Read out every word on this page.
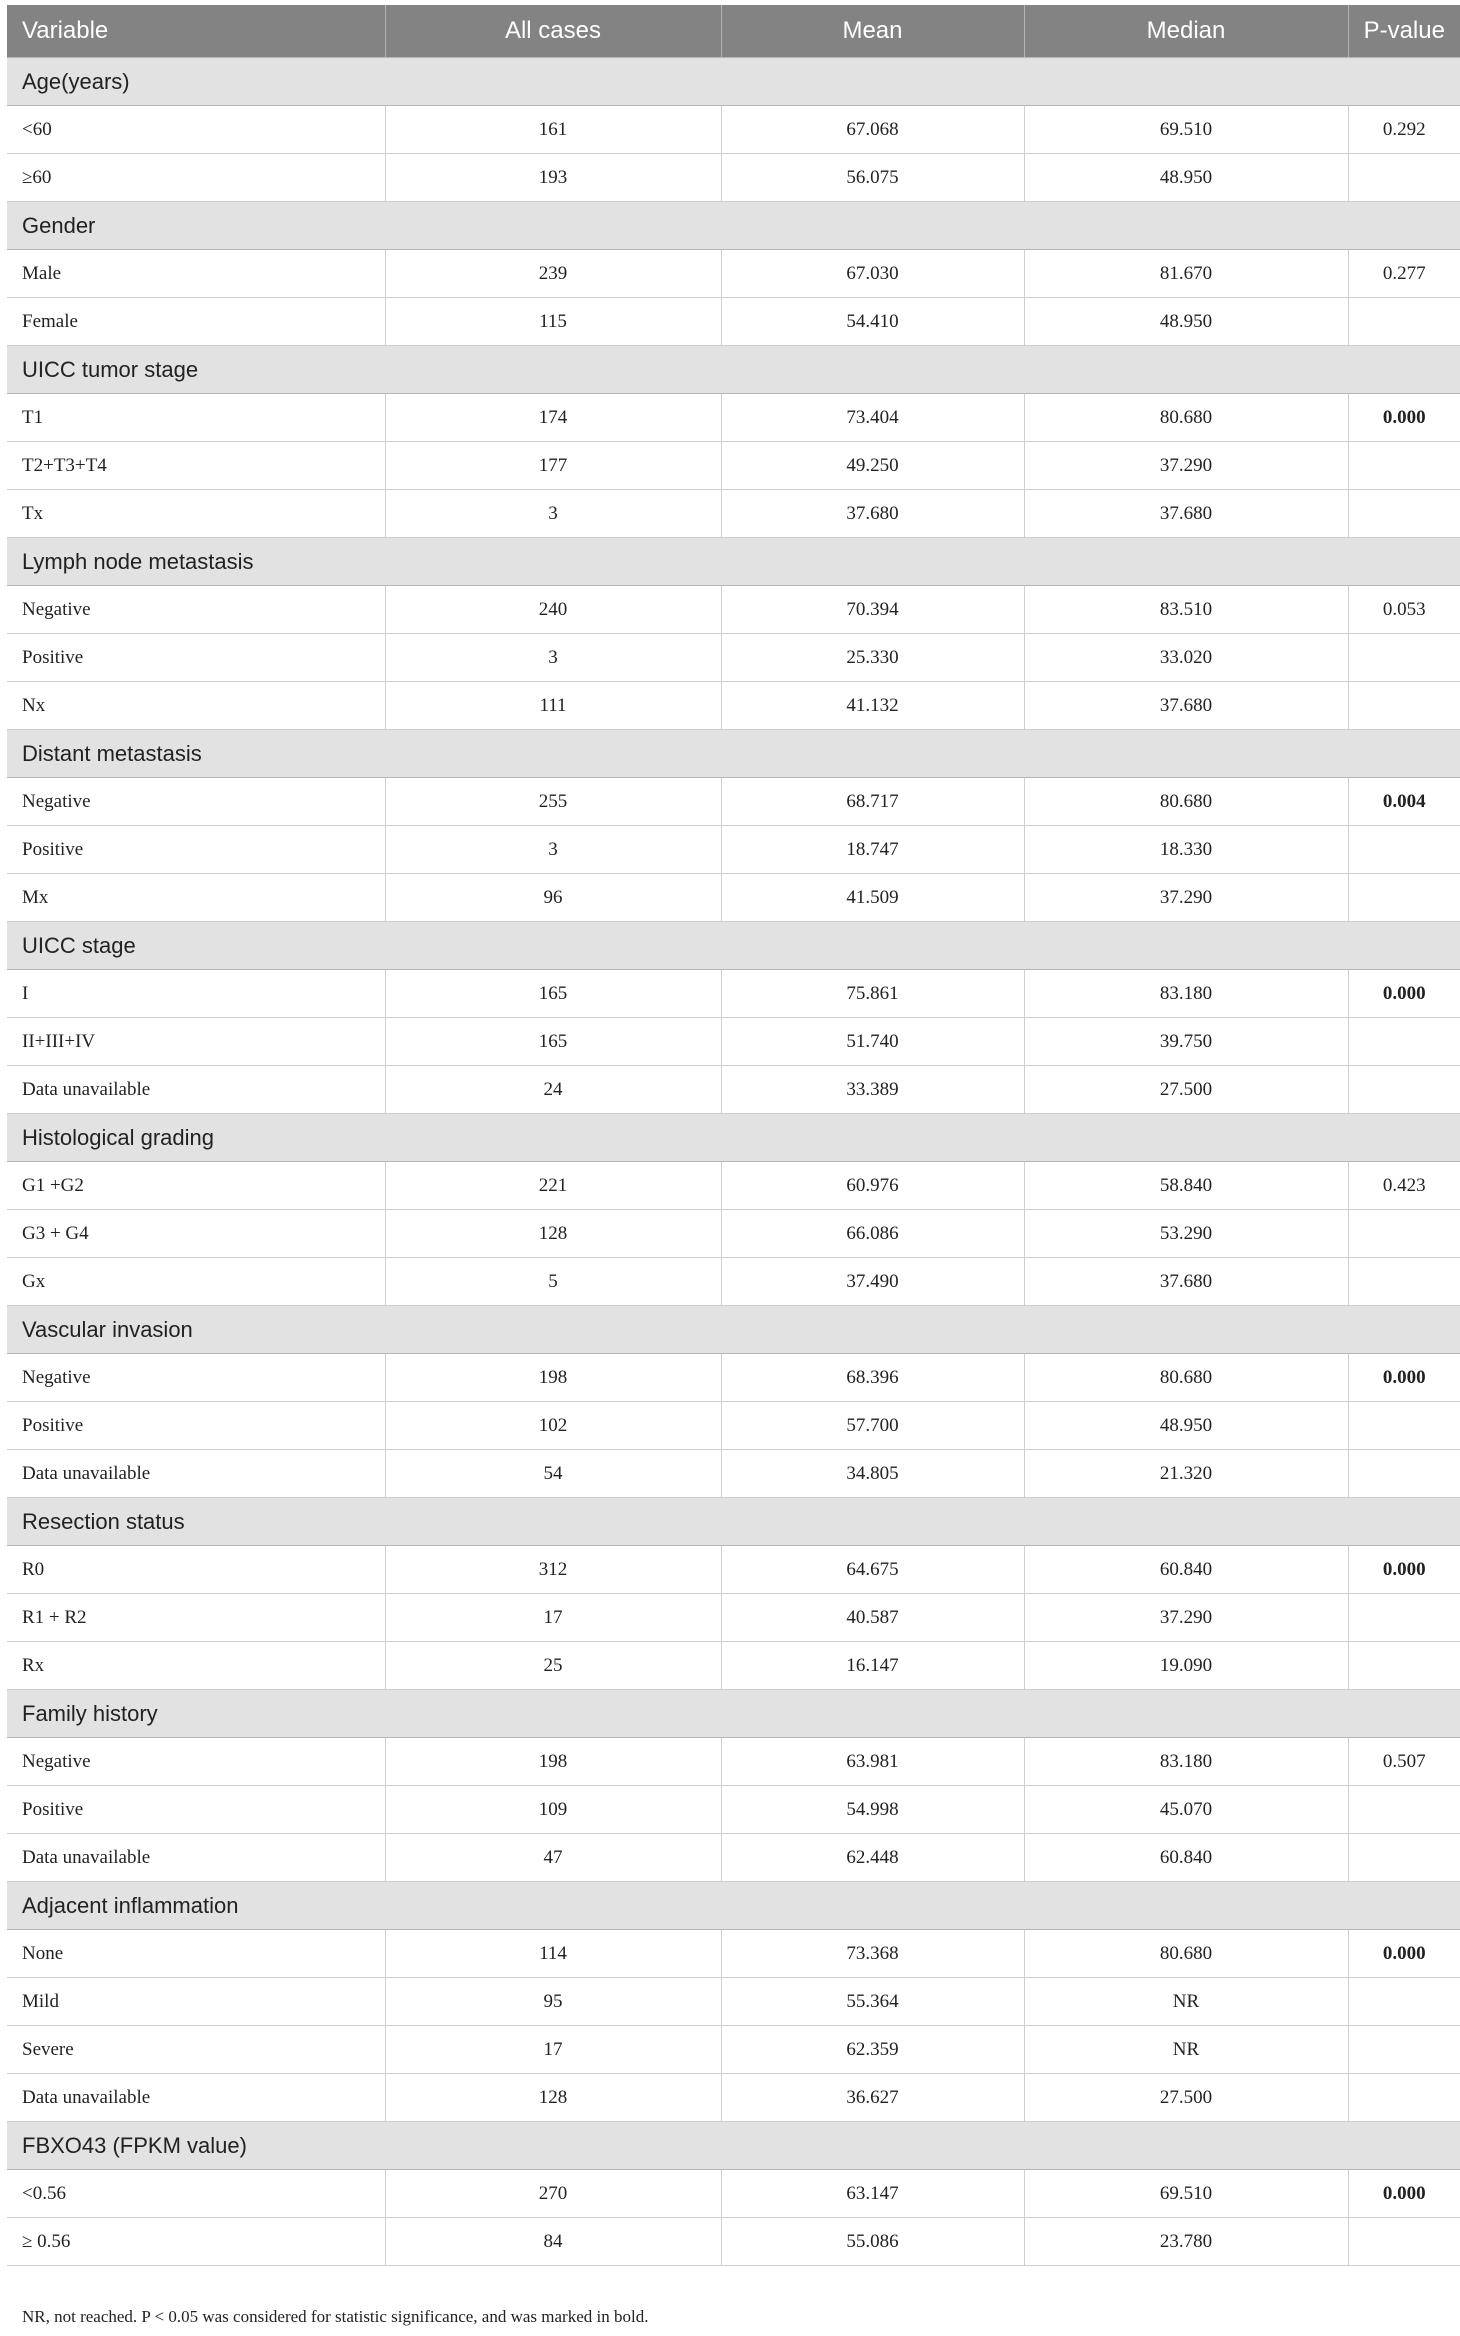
Variable	All cases	Mean	Median	P-value
Age(years)				
<60	161	67.068	69.510	0.292
≥60	193	56.075	48.950	
Gender				
Male	239	67.030	81.670	0.277
Female	115	54.410	48.950	
UICC tumor stage				
T1	174	73.404	80.680	0.000
T2+T3+T4	177	49.250	37.290	
Tx	3	37.680	37.680	
Lymph node metastasis				
Negative	240	70.394	83.510	0.053
Positive	3	25.330	33.020	
Nx	111	41.132	37.680	
Distant metastasis				
Negative	255	68.717	80.680	0.004
Positive	3	18.747	18.330	
Mx	96	41.509	37.290	
UICC stage				
I	165	75.861	83.180	0.000
II+III+IV	165	51.740	39.750	
Data unavailable	24	33.389	27.500	
Histological grading				
G1 +G2	221	60.976	58.840	0.423
G3 + G4	128	66.086	53.290	
Gx	5	37.490	37.680	
Vascular invasion				
Negative	198	68.396	80.680	0.000
Positive	102	57.700	48.950	
Data unavailable	54	34.805	21.320	
Resection status				
R0	312	64.675	60.840	0.000
R1 + R2	17	40.587	37.290	
Rx	25	16.147	19.090	
Family history				
Negative	198	63.981	83.180	0.507
Positive	109	54.998	45.070	
Data unavailable	47	62.448	60.840	
Adjacent inflammation				
None	114	73.368	80.680	0.000
Mild	95	55.364	NR	
Severe	17	62.359	NR	
Data unavailable	128	36.627	27.500	
FBXO43 (FPKM value)				
<0.56	270	63.147	69.510	0.000
≥ 0.56	84	55.086	23.780	
NR, not reached. P < 0.05 was considered for statistic significance, and was marked in bold.
